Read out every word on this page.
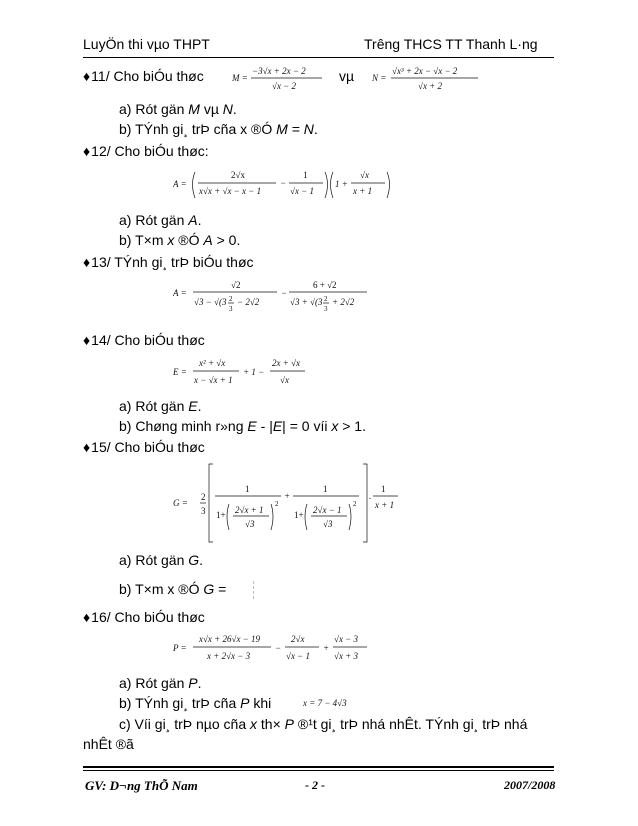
LuyÖn thi vµo THPT	Trêng THCS TT Thanh L·ng
♦11/ Cho biÓu thøc	M =
−3√x + 2x − 2
√x − 2
vµ N =
√x³ + 2x − √x − 2
√x + 2
a) Rót gän M vµ N.
b) TÝnh gi¸ trÞ cña x ®Ó M = N.
♦12/ Cho biÓu thøc:
A =
2√x
x√x + √x − x − 1
−
1
√x − 1
1 +
√x
x + 1
a) Rót gän A.
b) T×m x ®Ó A > 0.
♦13/ TÝnh gi¸ trÞ biÓu thøc
A =
√2
√3 − √(3 2
3
− 2√2
−
6 + √2
√3 + √(3 2
3
+ 2√2
♦14/ Cho biÓu thøc
E =
x² + √x
x − √x + 1
+ 1 −
2x + √x
√x
a) Rót gän E.
b) Chøng minh r»ng E - |E| = 0 víi x > 1.
♦15/ Cho biÓu thøc
G =
2
3
1
1+ 2√x + 1
√3
2
+
1
1+ 2√x − 1
√3
2
.
1
x + 1
a) Rót gän G.
b) T×m x ®Ó G =
♦16/ Cho biÓu thøc
P =
x√x + 26√x − 19
x + 2√x − 3
−
2√x
√x − 1
+
√x − 3
√x + 3
a) Rót gän P.
b) TÝnh gi¸ trÞ cña P khi	x = 7 − 4√3
c) Víi gi¸ trÞ nµo cña x th× P ®¹t gi¸ trÞ nhá nhÊt. TÝnh gi¸ trÞ nhá
nhÊt ®ã
GV: D¬ng ThÕ Nam	- 2 -	2007/2008
